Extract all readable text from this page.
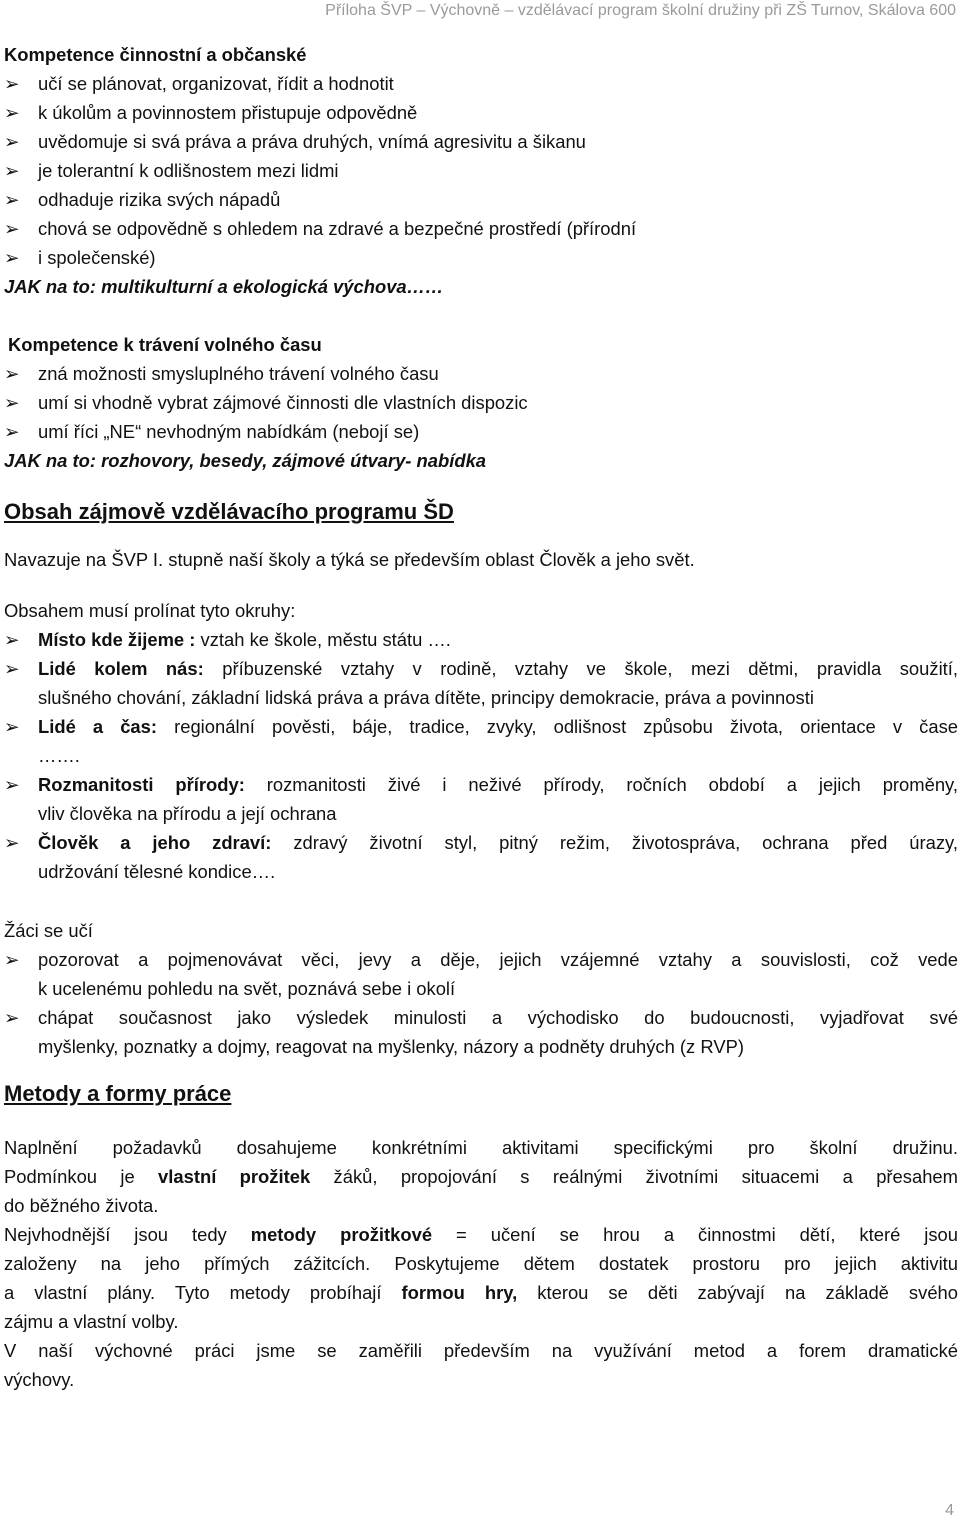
Příloha ŠVP – Výchovně – vzdělávací program školní družiny při ZŠ Turnov, Skálova 600
Kompetence činnostní a občanské
➢ učí se plánovat, organizovat, řídit a hodnotit
➢ k úkolům a povinnostem přistupuje odpovědně
➢ uvědomuje si svá práva a práva druhých, vnímá agresivitu a šikanu
➢ je tolerantní k odlišnostem mezi lidmi
➢ odhaduje rizika svých nápadů
➢ chová se odpovědně s ohledem na zdravé a bezpečné prostředí (přírodní
➢ i společenské)
JAK na to: multikulturní a ekologická výchova……
Kompetence k trávení volného času
➢ zná možnosti smysluplného trávení volného času
➢ umí si vhodně vybrat zájmové činnosti dle vlastních dispozic
➢ umí říci „NE“ nevhodným nabídkám (nebojí se)
JAK na to: rozhovory, besedy, zájmové útvary- nabídka
Obsah zájmově vzdělávacího programu ŠD
Navazuje na ŠVP I. stupně naší školy a týká se především oblast Člověk a jeho svět.
Obsahem musí prolínat tyto okruhy:
➢ Místo kde žijeme : vztah ke škole, městu státu ….
➢ Lidé kolem nás: příbuzenské vztahy v rodině, vztahy ve škole, mezi dětmi, pravidla soužití,
slušného chování, základní lidská práva a práva dítěte, principy demokracie, práva a povinnosti
➢ Lidé a čas: regionální pověsti, báje, tradice, zvyky, odlišnost způsobu života, orientace v čase
…….
➢ Rozmanitosti přírody: rozmanitosti živé i neživé přírody, ročních období a jejich proměny,
vliv člověka na přírodu a její ochrana
➢ Člověk a jeho zdraví: zdravý životní styl, pitný režim, životospráva, ochrana před úrazy,
udržování tělesné kondice….
Žáci se učí
➢ pozorovat a pojmenovávat věci, jevy a děje, jejich vzájemné vztahy a souvislosti, což vede
k ucelenému pohledu na svět, poznává sebe i okolí
➢ chápat současnost jako výsledek minulosti a východisko do budoucnosti, vyjadřovat své
myšlenky, poznatky a dojmy, reagovat na myšlenky, názory a podněty druhých (z RVP)
Metody a formy práce
Naplnění požadavků dosahujeme konkrétními aktivitami specifickými pro školní družinu.
Podmínkou je vlastní prožitek žáků, propojování s reálnými životními situacemi a přesahem
do běžného života.
Nejvhodnější jsou tedy metody prožitkové = učení se hrou a činnostmi dětí, které jsou
založeny na jeho přímých zážitcích. Poskytujeme dětem dostatek prostoru pro jejich aktivitu
a vlastní plány. Tyto metody probíhají formou hry, kterou se děti zabývají na základě svého
zájmu a vlastní volby.
V naší výchovné práci jsme se zaměřili především na využívání metod a forem dramatické
výchovy.
4
